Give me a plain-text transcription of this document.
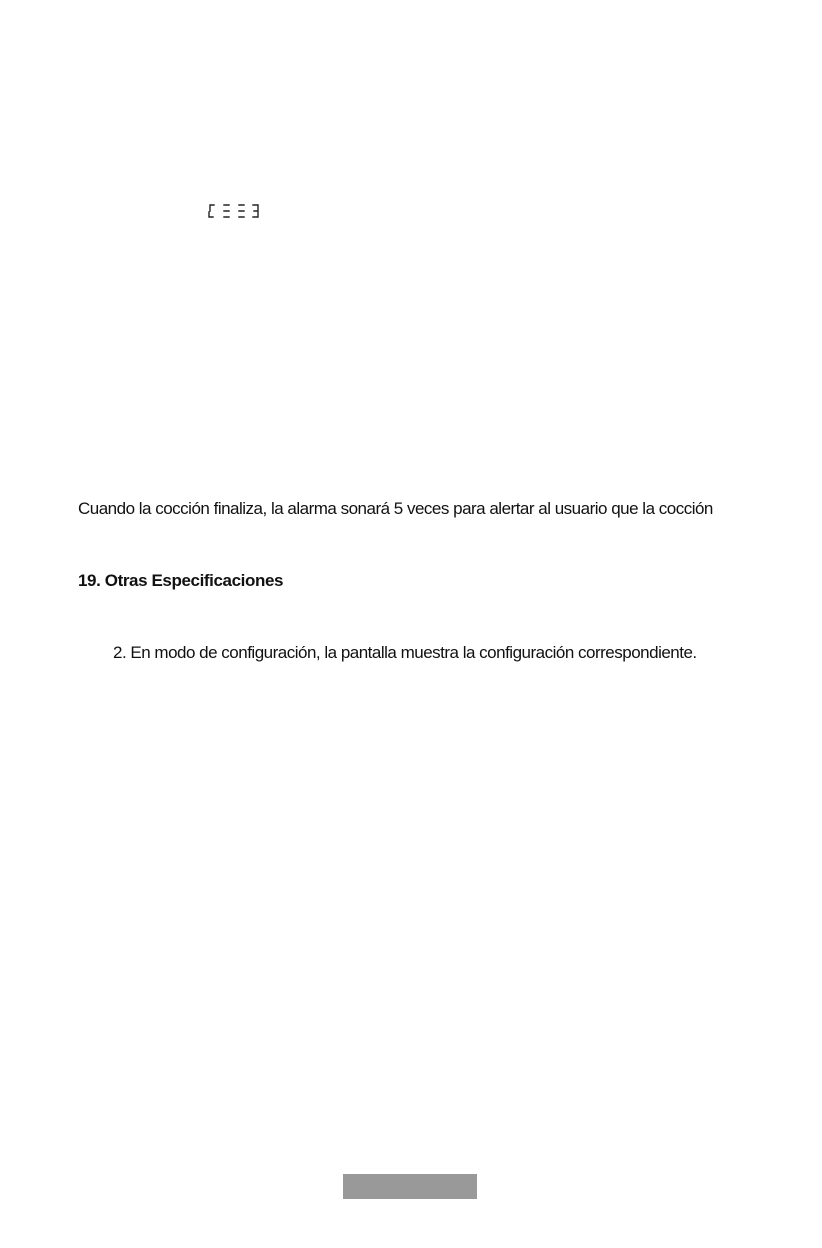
Cuando la cocción finaliza, la alarma sonará 5 veces para alertar al usuario que la cocción
19. Otras Especificaciones
2. En modo de configuración, la pantalla muestra la configuración correspondiente.
